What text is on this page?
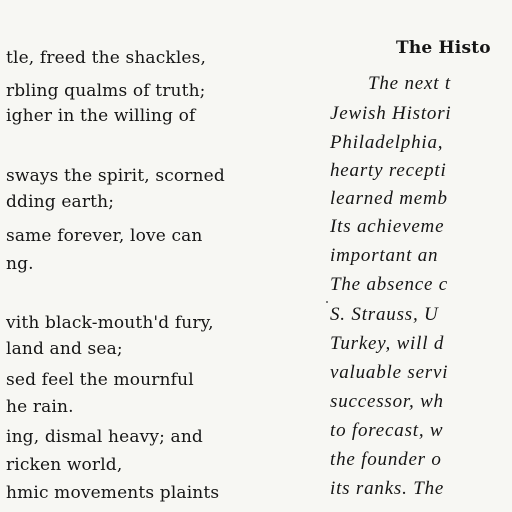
tle, freed the shackles,
rbling qualms of truth;
igher in the willing of
sways the spirit, scorned
dding earth;
same forever, love can
ng.
vith black-mouth'd fury,
land and sea;
sed feel the mournful
he rain.
ing, dismal heavy; and
ricken world,
hmic movements plaints
The Histo
The next t
Jewish Histori
Philadelphia,
hearty recepti
learned memb
Its achieveme
important an
The absence c
S. Strauss, U
Turkey, will d
valuable servi
successor, wh
to forecast, w
the founder o
its ranks. The
